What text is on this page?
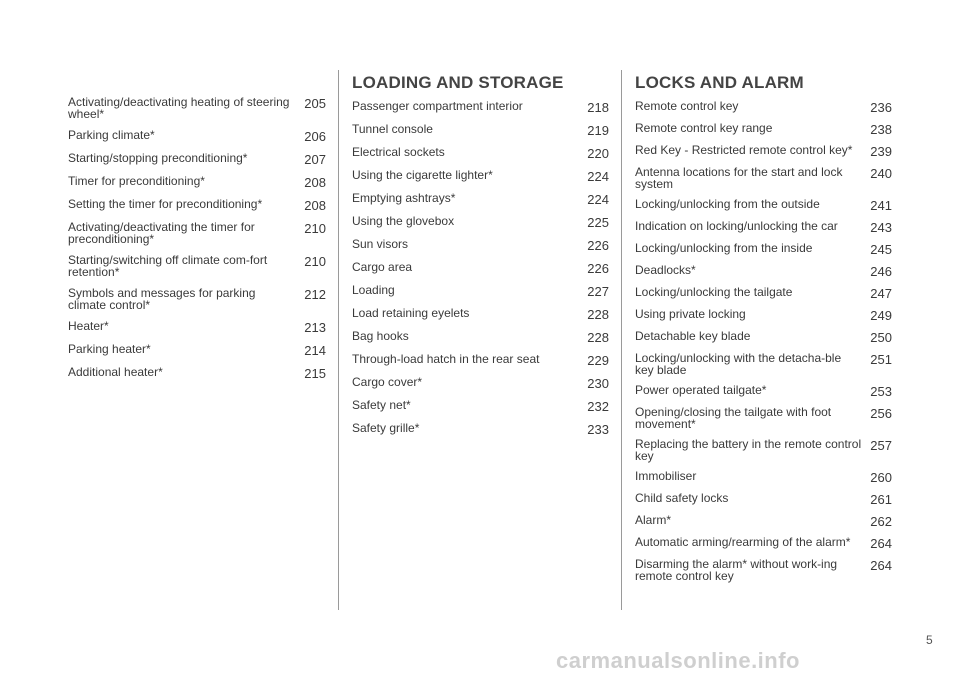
Activating/deactivating heating of steering wheel*
205
Parking climate*	206
Starting/stopping preconditioning*	207
Timer for preconditioning*	208
Setting the timer for preconditioning*	208
Activating/deactivating the timer for preconditioning*
210
Starting/switching off climate com-fort retention*
210
Symbols and messages for parking climate control*
212
Heater*	213
Parking heater*	214
Additional heater*	215
LOADING AND STORAGE
Passenger compartment interior	218
Tunnel console	219
Electrical sockets	220
Using the cigarette lighter*	224
Emptying ashtrays*	224
Using the glovebox	225
Sun visors	226
Cargo area	226
Loading	227
Load retaining eyelets	228
Bag hooks	228
Through-load hatch in the rear seat	229
Cargo cover*	230
Safety net*	232
Safety grille*	233
LOCKS AND ALARM
Remote control key	236
Remote control key range	238
Red Key - Restricted remote control key*	239
Antenna locations for the start and lock system
240
Locking/unlocking from the outside	241
Indication on locking/unlocking the car	243
Locking/unlocking from the inside	245
Deadlocks*	246
Locking/unlocking the tailgate	247
Using private locking	249
Detachable key blade	250
Locking/unlocking with the detacha-ble key blade
251
Power operated tailgate*	253
Opening/closing the tailgate with foot movement*
256
Replacing the battery in the remote control key
257
Immobiliser	260
Child safety locks	261
Alarm*	262
Automatic arming/rearming of the alarm*	264
Disarming the alarm* without work-ing remote control key
264
5
carmanualsonline.info
